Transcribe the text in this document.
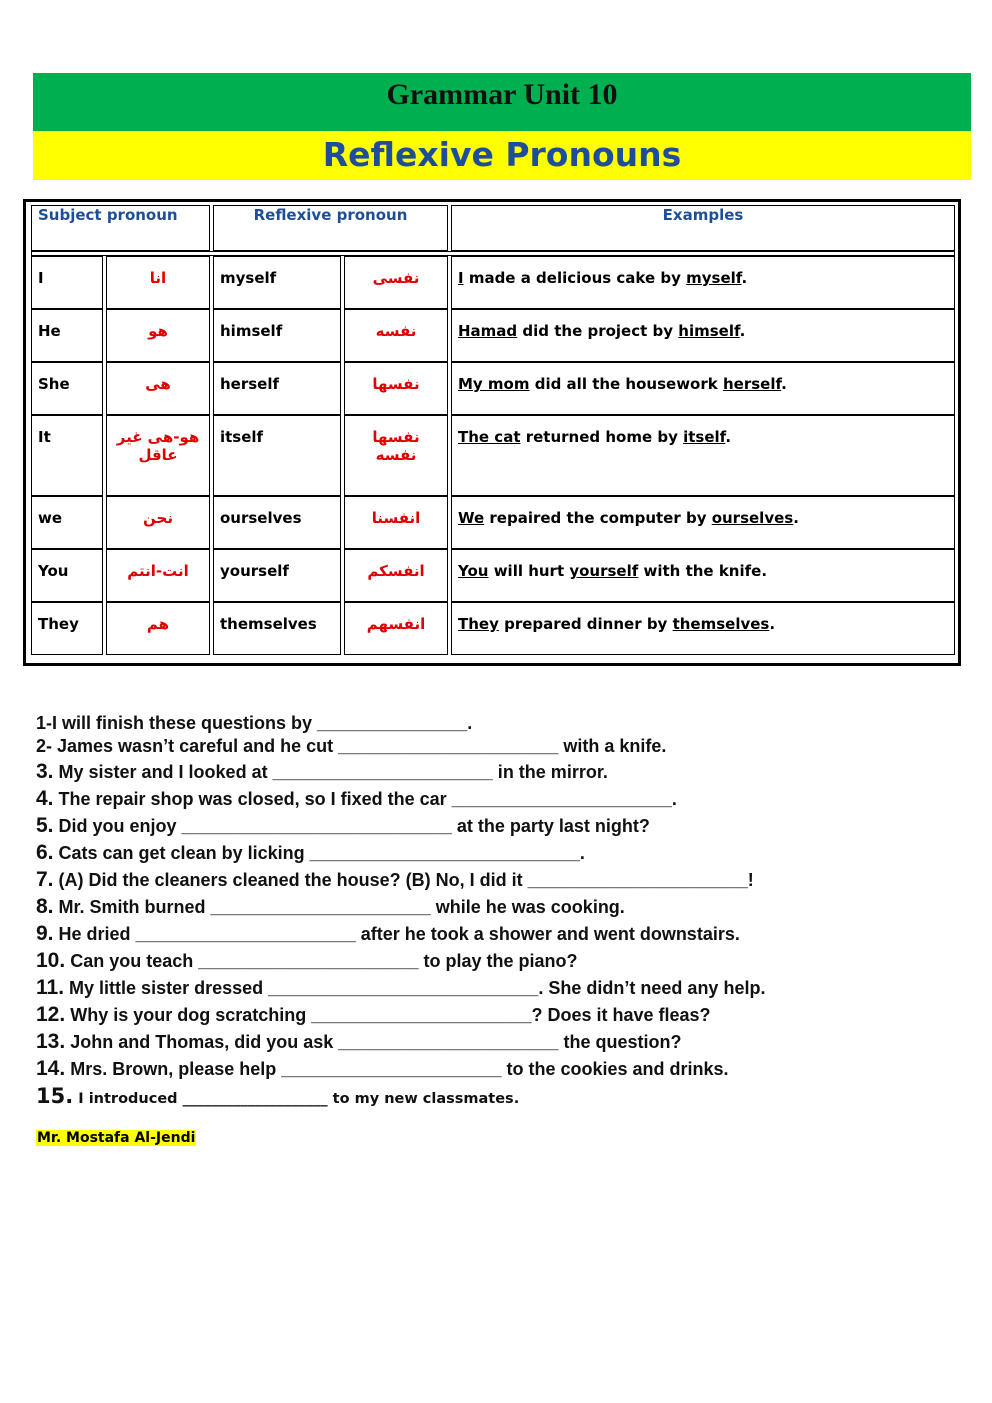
Grammar Unit 10
Reflexive Pronouns
Subject pronoun		Reflexive pronoun		Examples

I	انا	myself	نفسى	I made a delicious cake by myself.
He	هو	himself	نفسه	Hamad did the project by himself.
She	هى	herself	نفسها	My mom did all the housework herself.
It	هو-هى غير عاقل	itself	نفسها نفسه	The cat returned home by itself.
we	نحن	ourselves	انفسنا	We repaired the computer by ourselves.
You	انت-انتم	yourself	انفسكم	You will hurt yourself with the knife.
They	هم	themselves	انفسهم	They prepared dinner by themselves.
1-I will finish these questions by _______________.
2- James wasn’t careful and he cut ______________________ with a knife.
3. My sister and I looked at ______________________ in the mirror.
4. The repair shop was closed, so I fixed the car ______________________.
5. Did you enjoy ___________________________ at the party last night?
6. Cats can get clean by licking ___________________________.
7. (A) Did the cleaners cleaned the house? (B) No, I did it ______________________!
8. Mr. Smith burned ______________________ while he was cooking.
9. He dried ______________________ after he took a shower and went downstairs.
10. Can you teach ______________________ to play the piano?
11. My little sister dressed ___________________________. She didn’t need any help.
12. Why is your dog scratching ______________________? Does it have fleas?
13. John and Thomas, did you ask ______________________ the question?
14. Mrs. Brown, please help ______________________ to the cookies and drinks.
15. I introduced ____________________ to my new classmates.
Mr. Mostafa Al-Jendi
